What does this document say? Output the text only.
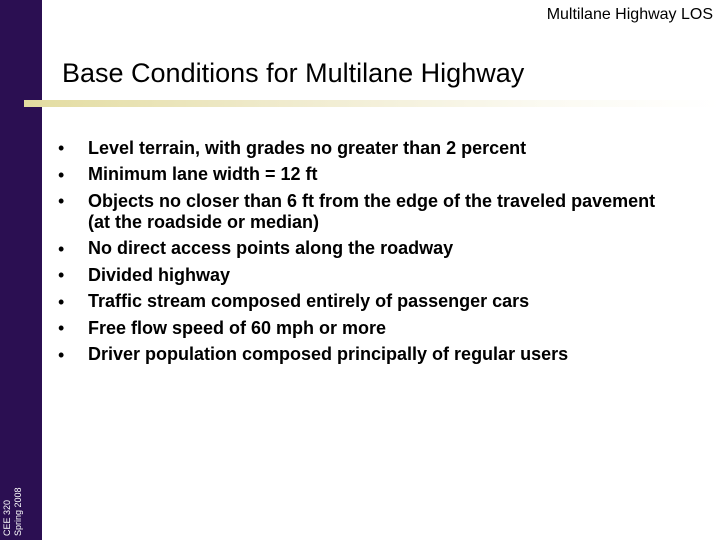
CEE 320 Spring 2008
Multilane Highway LOS
Base Conditions for Multilane Highway
• Level terrain, with grades no greater than 2 percent
• Minimum lane width = 12 ft
• Objects no closer than 6 ft from the edge of the traveled pavement (at the roadside or median)
• No direct access points along the roadway
• Divided highway
• Traffic stream composed entirely of passenger cars
• Free flow speed of 60 mph or more
• Driver population composed principally of regular users
